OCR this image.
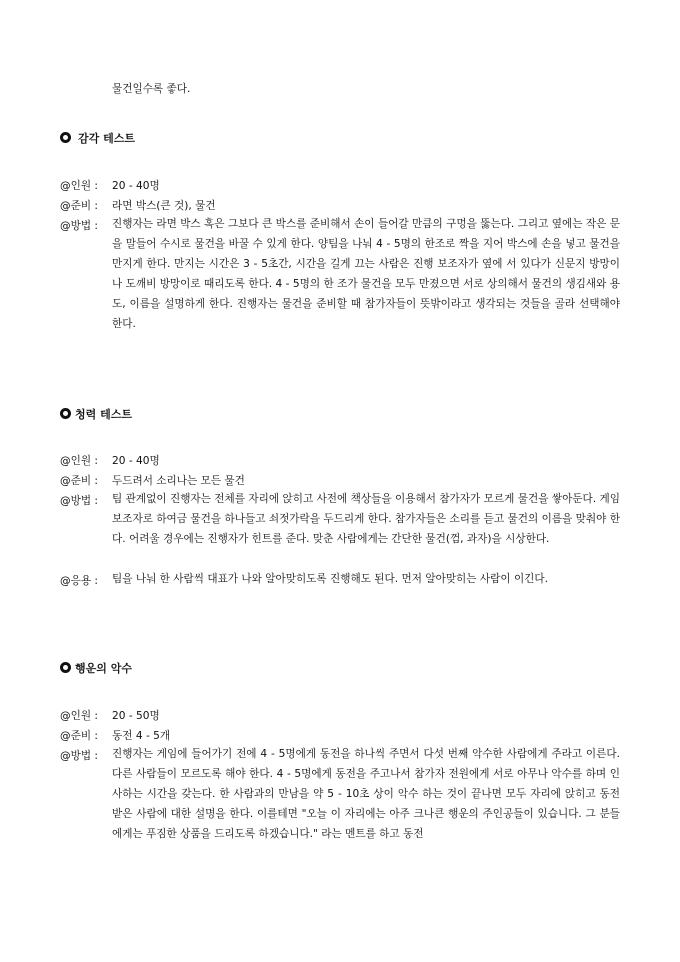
물건일수록 좋다.
감각 테스트
@인원 : 20 - 40명
@준비 : 라면 박스(큰 것), 물건
@방법 : 진행자는 라면 박스 혹은 그보다 큰 박스를 준비해서 손이 들어갈 만큼의 구멍을 뚫는다. 그리고 옆에는 작은 문을 말들어 수시로 물건을 바꿀 수 있게 한다. 양팀을 나눠 4 - 5명의 한조로 짝을 지어 박스에 손을 넣고 물건을 만지게 한다. 만지는 시간은 3 - 5초간, 시간을 길게 끄는 사람은 진행 보조자가 옆에 서 있다가 신문지 방망이나 도깨비 방망이로 때리도록 한다. 4 - 5명의 한 조가 물건을 모두 만졌으면 서로 상의해서 물건의 생김새와 용도, 이름을 설명하게 한다. 진행자는 물건을 준비할 때 참가자들이 뜻밖이라고 생각되는 것들을 골라 선택해야 한다.
청력 테스트
@인원 : 20 - 40명
@준비 : 두드려서 소리나는 모든 물건
@방법 : 팀 관계없이 진행자는 전체를 자리에 앉히고 사전에 책상들을 이용해서 참가자가 모르게 물건을 쌓아둔다. 게임 보조자로 하여금 물건을 하나들고 쇠젓가락을 두드리게 한다. 참가자들은 소리를 듣고 물건의 이름을 맞춰야 한다. 어려울 경우에는 진행자가 힌트를 준다. 맞춘 사람에게는 간단한 물건(껌, 과자)을 시상한다.
@응용 : 팀을 나눠 한 사람씩 대표가 나와 알아맞히도록 진행해도 된다. 먼저 알아맞히는 사람이 이긴다.
행운의 악수
@인원 : 20 - 50명
@준비 : 동전 4 - 5개
@방법 : 진행자는 게임에 들어가기 전에 4 - 5명에게 동전을 하나씩 주면서 다섯 번째 악수한 사람에게 주라고 이른다. 다른 사람들이 모르도록 해야 한다. 4 - 5명에게 동전을 주고나서 참가자 전원에게 서로 아무나 악수를 하며 인사하는 시간을 갖는다. 한 사람과의 만남을 약 5 - 10초 상이 악수 하는 것이 끝나면 모두 자리에 앉히고 동전 받은 사람에 대한 설명을 한다. 이를테면 "오늘 이 자리에는 아주 크나큰 행운의 주인공들이 있습니다. 그 분들에게는 푸짐한 상품을 드리도록 하겠습니다." 라는 멘트를 하고 동전
